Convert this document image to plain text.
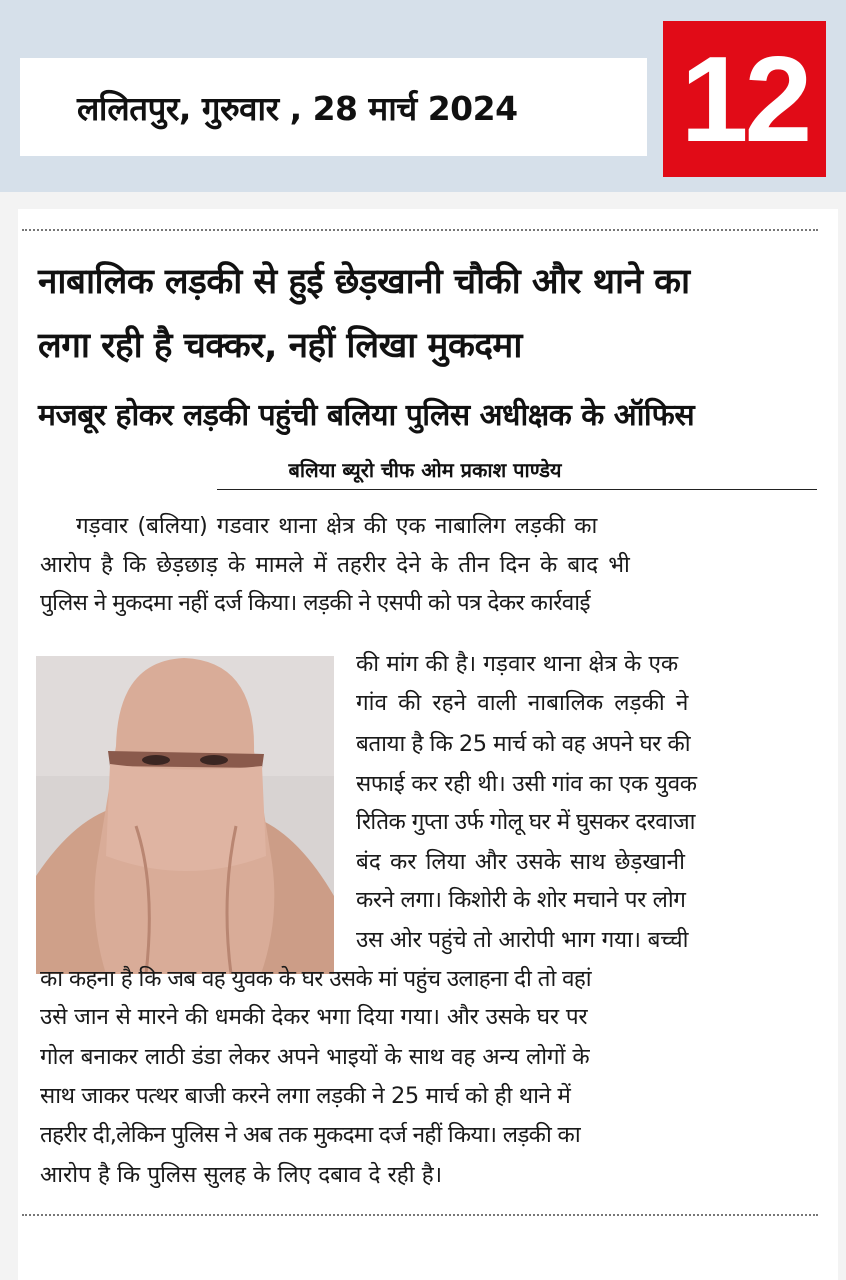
ललितपुर, गुरुवार , 28 मार्च 2024 12
नाबालिक लड़की से हुई छेड़खानी चौकी और थाने का
लगा रही है चक्कर, नहीं लिखा मुकदमा
मजबूर होकर लड़की पहुंची बलिया पुलिस अधीक्षक के ऑफिस
बलिया ब्यूरो चीफ ओम प्रकाश पाण्डेय
गड़वार (बलिया) गडवार थाना क्षेत्र की एक नाबालिग लड़की का
आरोप है कि छेड़छाड़ के मामले में तहरीर देने के तीन दिन के बाद भी
पुलिस ने मुकदमा नहीं दर्ज किया। लड़की ने एसपी को पत्र देकर कार्रवाई
की मांग की है। गड़वार थाना क्षेत्र के एक
गांव की रहने वाली नाबालिक लड़की ने
बताया है कि 25 मार्च को वह अपने घर की
सफाई कर रही थी। उसी गांव का एक युवक
रितिक गुप्ता उर्फ गोलू घर में घुसकर दरवाजा
बंद कर लिया और उसके साथ छेड़खानी
करने लगा। किशोरी के शोर मचाने पर लोग
उस ओर पहुंचे तो आरोपी भाग गया। बच्ची
का कहना है कि जब वह युवक के घर उसके मां पहुंच उलाहना दी तो वहां
उसे जान से मारने की धमकी देकर भगा दिया गया। और उसके घर पर
गोल बनाकर लाठी डंडा लेकर अपने भाइयों के साथ वह अन्य लोगों के
साथ जाकर पत्थर बाजी करने लगा लड़की ने 25 मार्च को ही थाने में
तहरीर दी,लेकिन पुलिस ने अब तक मुकदमा दर्ज नहीं किया। लड़की का
आरोप है कि पुलिस सुलह के लिए दबाव दे रही है।
